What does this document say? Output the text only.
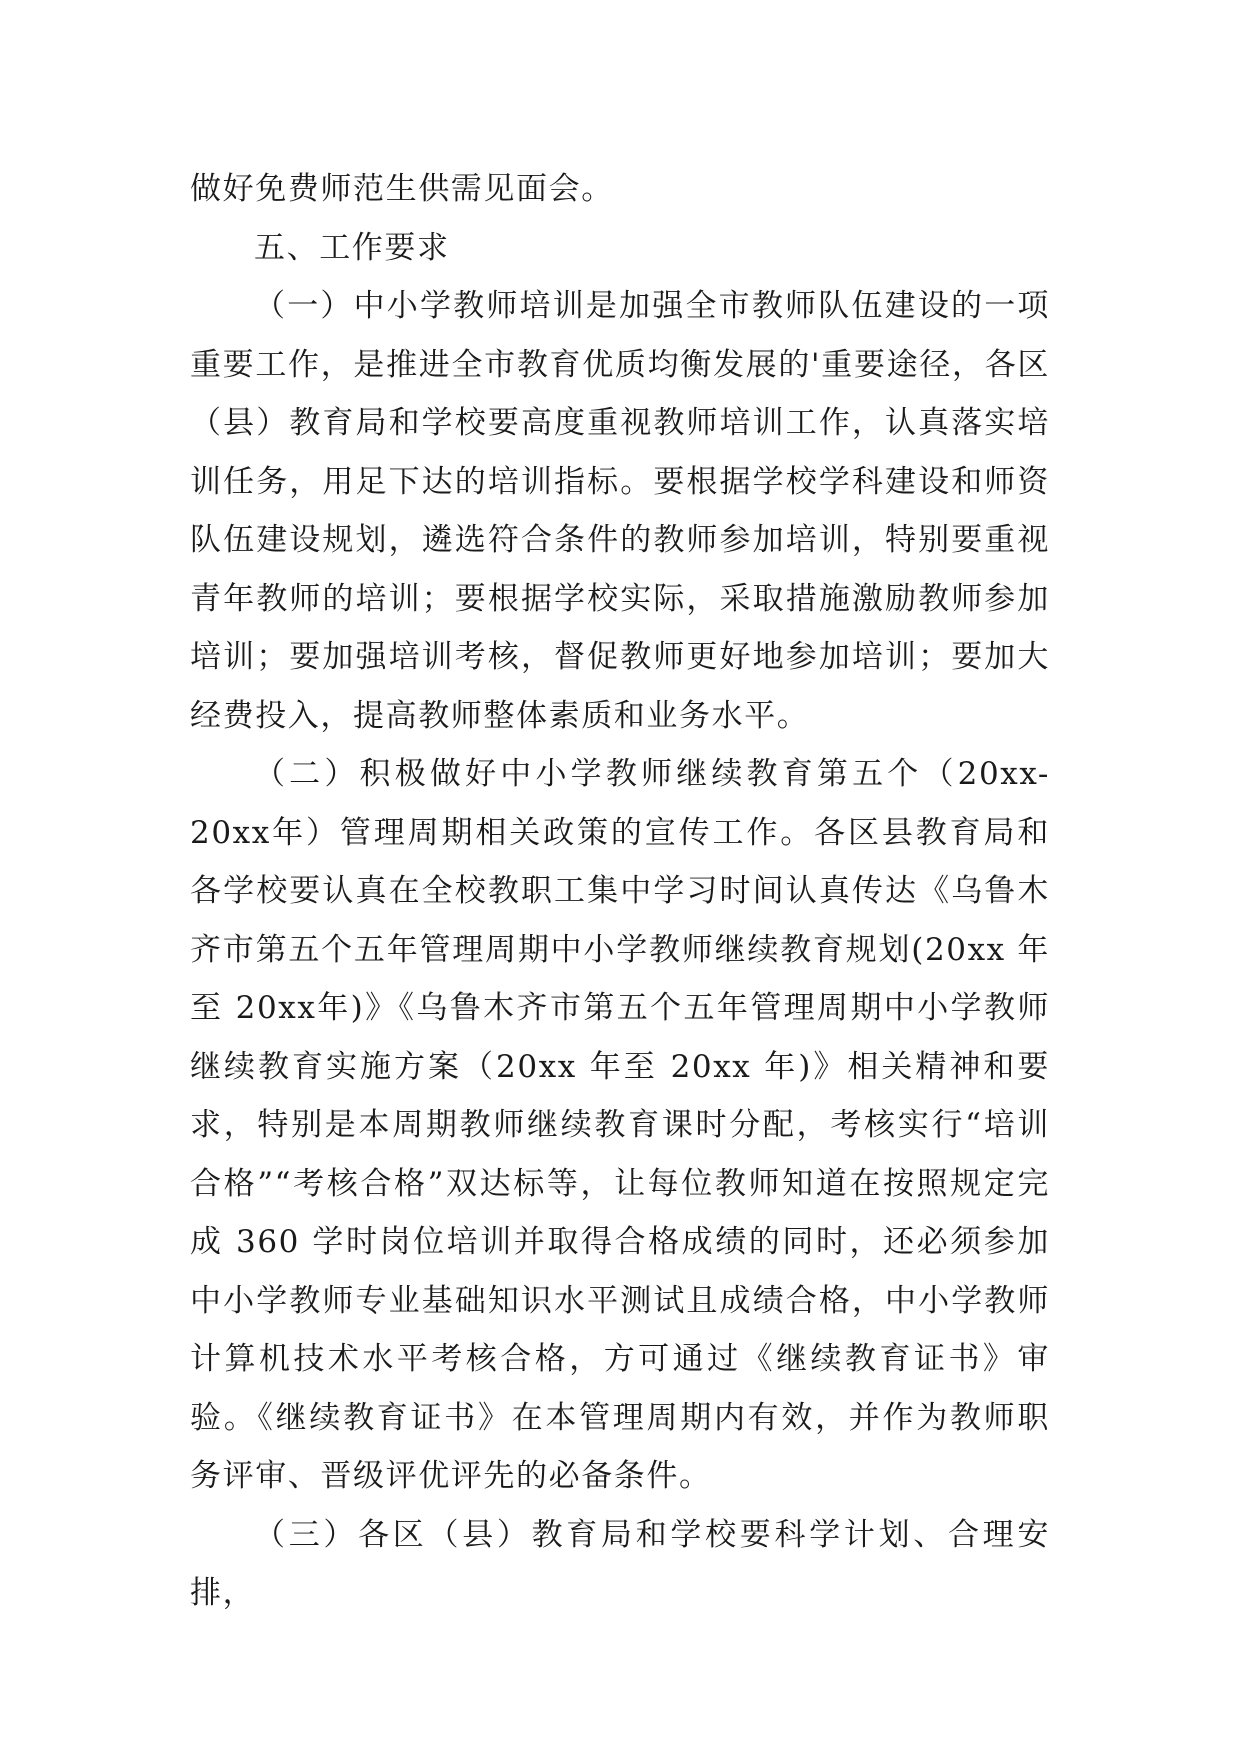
做好免费师范生供需见面会。

五、工作要求

（一）中小学教师培训是加强全市教师队伍建设的一项重要工作，是推进全市教育优质均衡发展的'重要途径，各区（县）教育局和学校要高度重视教师培训工作，认真落实培训任务，用足下达的培训指标。要根据学校学科建设和师资队伍建设规划，遴选符合条件的教师参加培训，特别要重视青年教师的培训；要根据学校实际，采取措施激励教师参加培训；要加强培训考核，督促教师更好地参加培训；要加大经费投入，提高教师整体素质和业务水平。

（二）积极做好中小学教师继续教育第五个（20xx-20xx年）管理周期相关政策的宣传工作。各区县教育局和各学校要认真在全校教职工集中学习时间认真传达《乌鲁木齐市第五个五年管理周期中小学教师继续教育规划(20xx 年至 20xx年)》《乌鲁木齐市第五个五年管理周期中小学教师继续教育实施方案（20xx 年至 20xx 年)》相关精神和要求，特别是本周期教师继续教育课时分配，考核实行“培训合格”“考核合格”双达标等，让每位教师知道在按照规定完成 360 学时岗位培训并取得合格成绩的同时，还必须参加中小学教师专业基础知识水平测试且成绩合格，中小学教师计算机技术水平考核合格，方可通过《继续教育证书》审验。《继续教育证书》在本管理周期内有效，并作为教师职务评审、晋级评优评先的必备条件。

（三）各区（县）教育局和学校要科学计划、合理安排，
